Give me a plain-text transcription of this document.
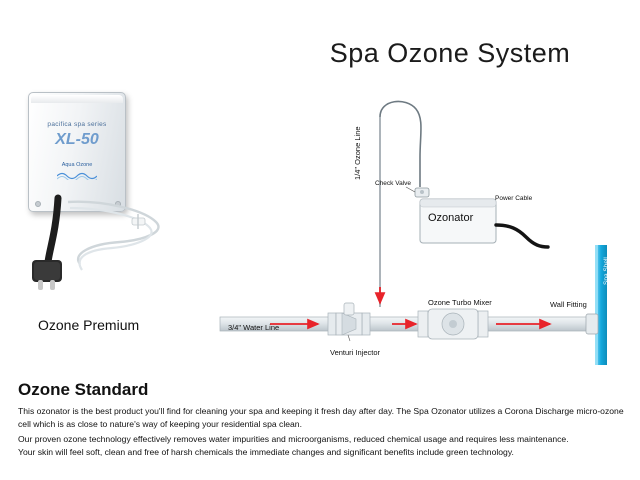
Spa Ozone System
pacifica spa series
XL-50
Aqua Ozone
Ozone Premium
1/4" Ozone Line
Check Valve
Ozonator
Power Cable
Ozone Turbo Mixer	Wall Fitting
Spa Shell
3/4" Water Line
Venturi Injector
Ozone Standard
This ozonator is the best product you'll find for cleaning your spa and keeping it fresh day after day. The Spa Ozonator utilizes a Corona Discharge micro-ozone cell which is as close to nature's way of keeping your residential spa clean.
Our proven ozone technology effectively removes water impurities and microorganisms, reduced chemical usage and requires less maintenance.
Your skin will feel soft, clean and free of harsh chemicals the immediate changes and significant benefits include green technology.
